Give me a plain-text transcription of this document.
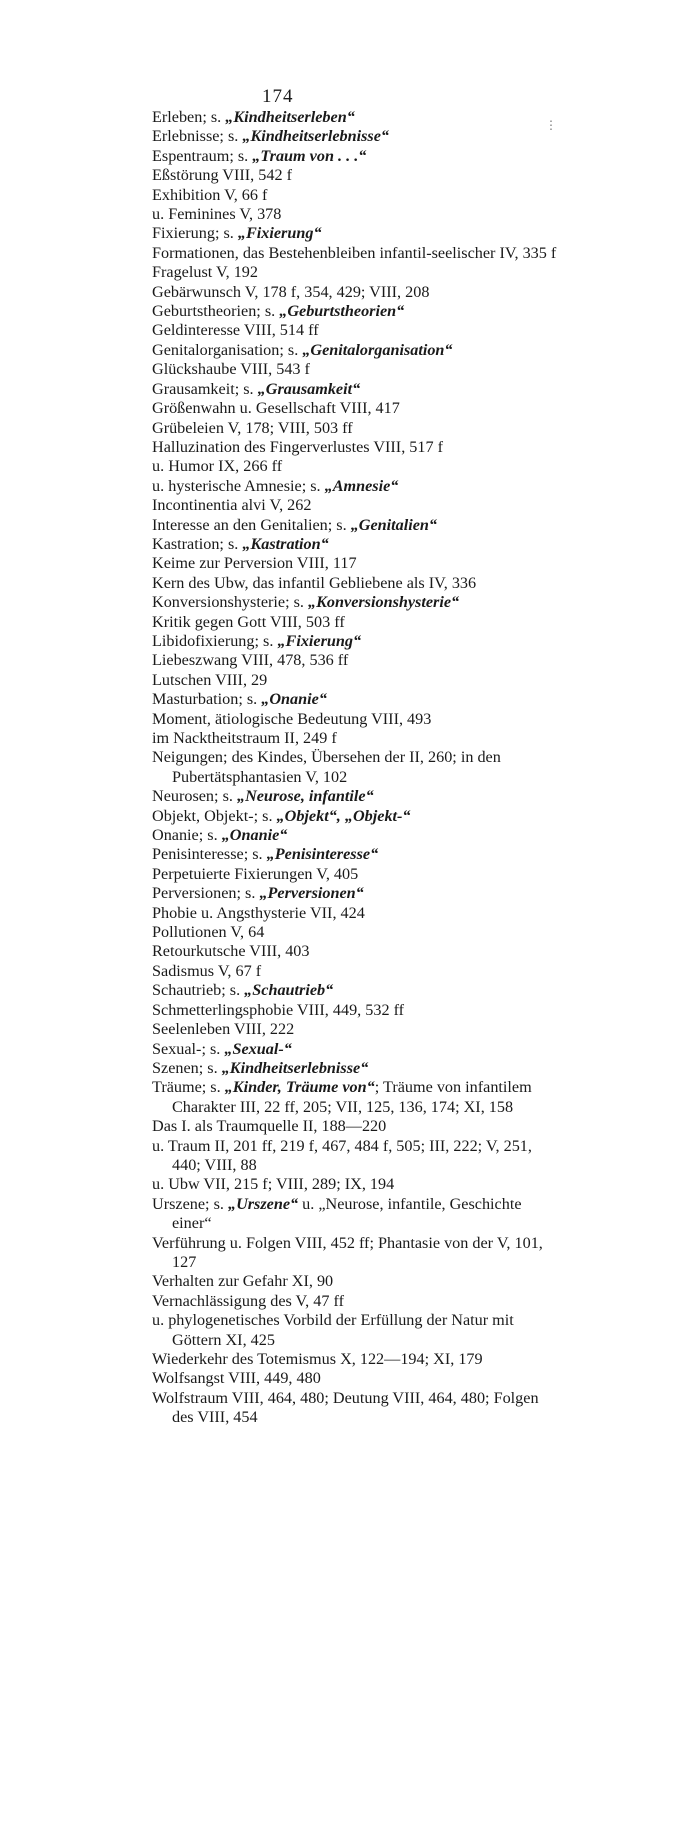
174
⋮
Erleben; s. „Kindheitserleben“
Erlebnisse; s. „Kindheitserlebnisse“
Espentraum; s. „Traum von . . .“
Eßstörung VIII, 542 f
Exhibition V, 66 f
u. Feminines V, 378
Fixierung; s. „Fixierung“
Formationen, das Bestehenbleiben infantil-seelischer IV, 335 f
Fragelust V, 192
Gebärwunsch V, 178 f, 354, 429; VIII, 208
Geburtstheorien; s. „Geburtstheorien“
Geldinteresse VIII, 514 ff
Genitalorganisation; s. „Genitalorganisation“
Glückshaube VIII, 543 f
Grausamkeit; s. „Grausamkeit“
Größenwahn u. Gesellschaft VIII, 417
Grübeleien V, 178; VIII, 503 ff
Halluzination des Fingerverlustes VIII, 517 f
u. Humor IX, 266 ff
u. hysterische Amnesie; s. „Amnesie“
Incontinentia alvi V, 262
Interesse an den Genitalien; s. „Genitalien“
Kastration; s. „Kastration“
Keime zur Perversion VIII, 117
Kern des Ubw, das infantil Gebliebene als IV, 336
Konversionshysterie; s. „Konversionshysterie“
Kritik gegen Gott VIII, 503 ff
Libidofixierung; s. „Fixierung“
Liebeszwang VIII, 478, 536 ff
Lutschen VIII, 29
Masturbation; s. „Onanie“
Moment, ätiologische Bedeutung VIII, 493
im Nacktheitstraum II, 249 f
Neigungen; des Kindes, Übersehen der II, 260; in den Pubertätsphantasien V, 102
Neurosen; s. „Neurose, infantile“
Objekt, Objekt-; s. „Objekt“, „Objekt-“
Onanie; s. „Onanie“
Penisinteresse; s. „Penisinteresse“
Perpetuierte Fixierungen V, 405
Perversionen; s. „Perversionen“
Phobie u. Angsthysterie VII, 424
Pollutionen V, 64
Retourkutsche VIII, 403
Sadismus V, 67 f
Schautrieb; s. „Schautrieb“
Schmetterlingsphobie VIII, 449, 532 ff
Seelenleben VIII, 222
Sexual-; s. „Sexual-“
Szenen; s. „Kindheitserlebnisse“
Träume; s. „Kinder, Träume von“; Träume von infantilem Charakter III, 22 ff, 205; VII, 125, 136, 174; XI, 158
Das I. als Traumquelle II, 188—220
u. Traum II, 201 ff, 219 f, 467, 484 f, 505; III, 222; V, 251, 440; VIII, 88
u. Ubw VII, 215 f; VIII, 289; IX, 194
Urszene; s. „Urszene“ u. „Neurose, infantile, Geschichte einer“
Verführung u. Folgen VIII, 452 ff; Phantasie von der V, 101, 127
Verhalten zur Gefahr XI, 90
Vernachlässigung des V, 47 ff
u. phylogenetisches Vorbild der Erfüllung der Natur mit Göttern XI, 425
Wiederkehr des Totemismus X, 122—194; XI, 179
Wolfsangst VIII, 449, 480
Wolfstraum VIII, 464, 480; Deutung VIII, 464, 480; Folgen des VIII, 454
